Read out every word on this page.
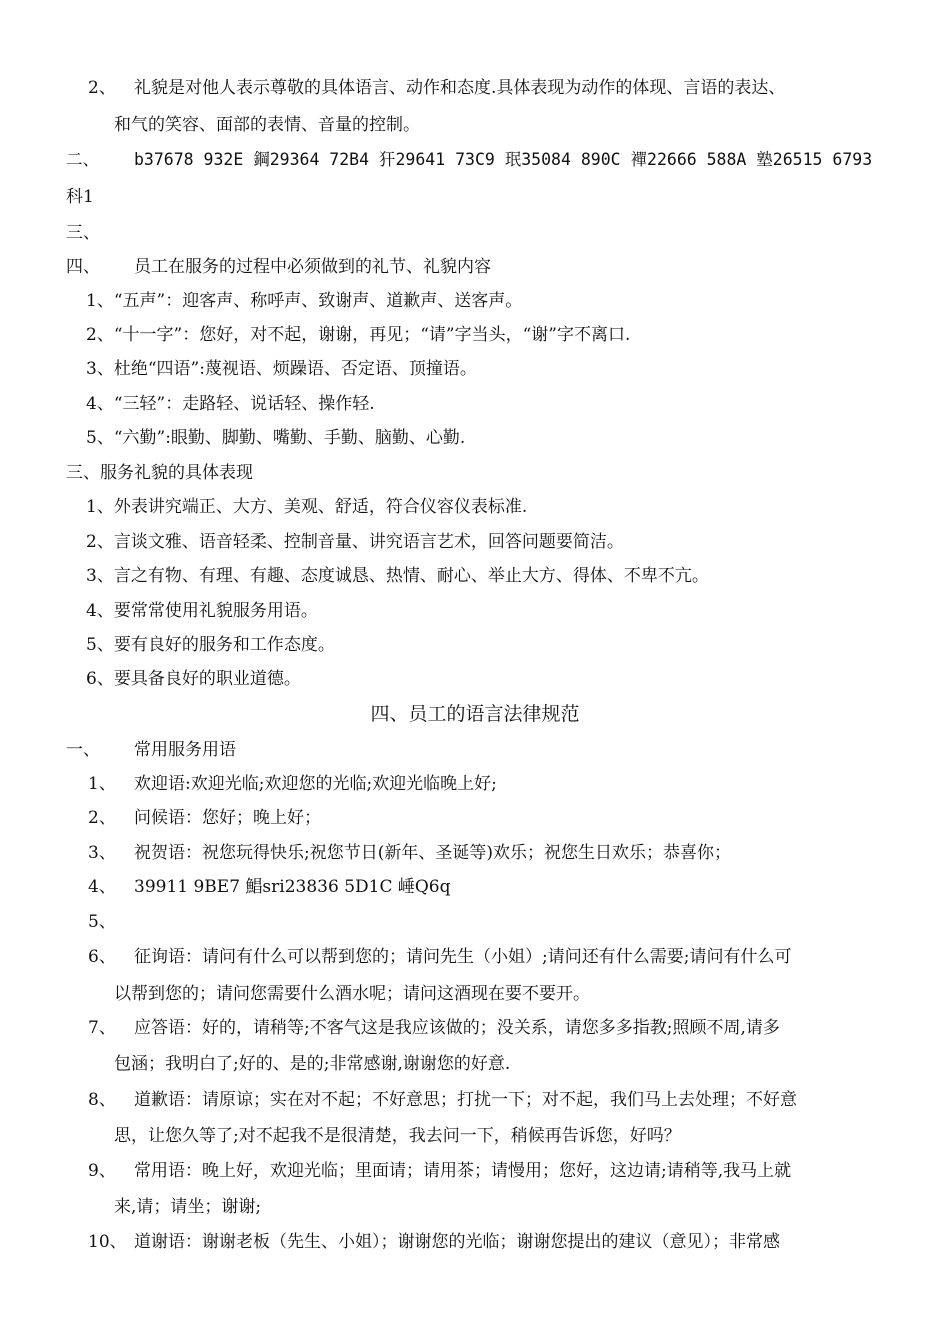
2、 礼貌是对他人表示尊敬的具体语言、动作和态度.具体表现为动作的体现、言语的表达、
和气的笑容、面部的表情、音量的控制。
二、 b37678 932E 鋼29364 72B4 犴29641 73C9 珉35084 890C 襌22666 588A 塾26515 6793
科1
三、
四、 员工在服务的过程中必须做到的礼节、礼貌内容
1、“五声”：迎客声、称呼声、致谢声、道歉声、送客声。
2、“十一字”：您好，对不起，谢谢，再见；“请”字当头，“谢”字不离口.
3、杜绝“四语”:蔑视语、烦躁语、否定语、顶撞语。
4、“三轻”：走路轻、说话轻、操作轻.
5、“六勤”:眼勤、脚勤、嘴勤、手勤、脑勤、心勤.
三、服务礼貌的具体表现
1、外表讲究端正、大方、美观、舒适，符合仪容仪表标准.
2、言谈文雅、语音轻柔、控制音量、讲究语言艺术，回答问题要简洁。
3、言之有物、有理、有趣、态度诚恳、热情、耐心、举止大方、得体、不卑不亢。
4、要常常使用礼貌服务用语。
5、要有良好的服务和工作态度。
6、要具备良好的职业道德。
四、员工的语言法律规范
一、 常用服务用语
1、 欢迎语:欢迎光临;欢迎您的光临;欢迎光临晚上好;
2、 问候语：您好；晚上好；
3、 祝贺语：祝您玩得快乐;祝您节日(新年、圣诞等)欢乐；祝您生日欢乐；恭喜你；
4、 39911 9BE7 鯧sri23836 5D1C 崜Q6q
5、
6、 征询语：请问有什么可以帮到您的；请问先生（小姐）;请问还有什么需要;请问有什么可
以帮到您的；请问您需要什么酒水呢；请问这酒现在要不要开。
7、 应答语：好的，请稍等;不客气这是我应该做的；没关系，请您多多指教;照顾不周,请多
包涵；我明白了;好的、是的;非常感谢,谢谢您的好意.
8、 道歉语：请原谅；实在对不起；不好意思；打扰一下；对不起，我们马上去处理；不好意
思，让您久等了;对不起我不是很清楚，我去问一下，稍候再告诉您，好吗？
9、 常用语：晚上好，欢迎光临；里面请；请用茶；请慢用；您好，这边请;请稍等,我马上就
来,请；请坐；谢谢;
10、 道谢语：谢谢老板（先生、小姐）；谢谢您的光临；谢谢您提出的建议（意见）；非常感
